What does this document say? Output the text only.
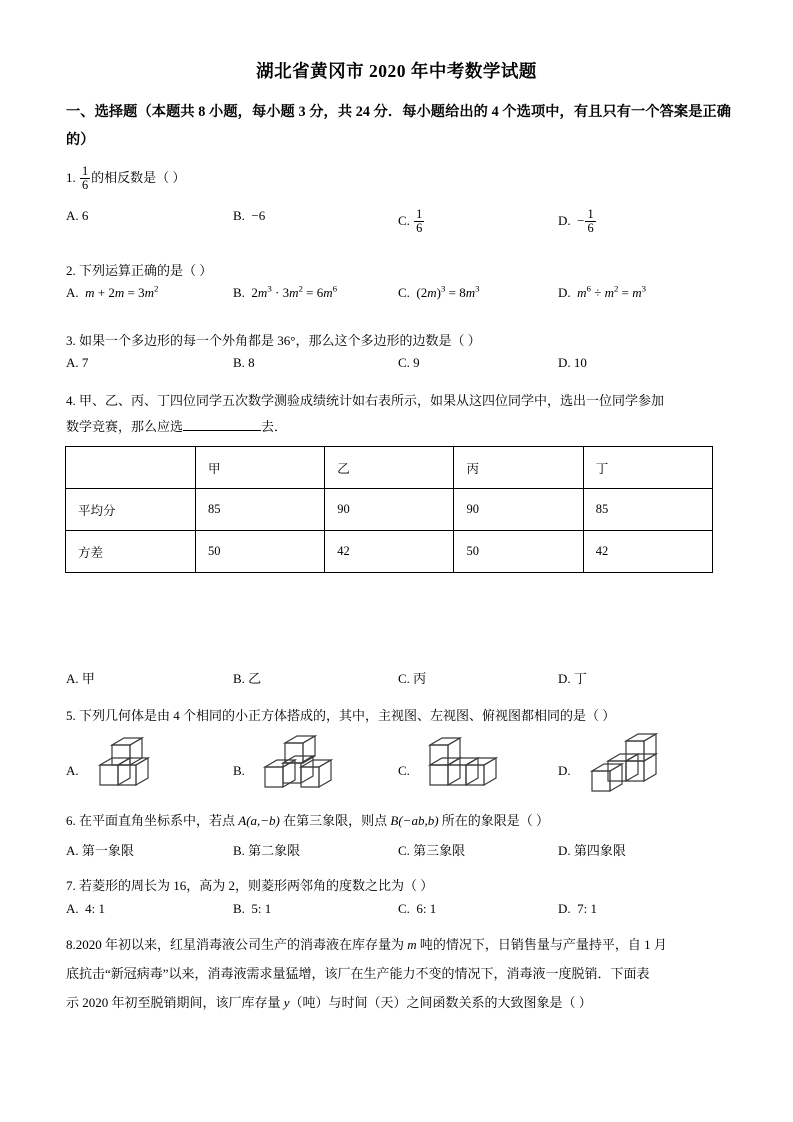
湖北省黄冈市 2020 年中考数学试题
一、选择题（本题共 8 小题，每小题 3 分，共 24 分．每小题给出的 4 个选项中，有且只有一个答案是正确的）
1. $\frac{1}{6}$ 的相反数是（ ）
A. 6	B. −6	C. $\frac{1}{6}$	D.  − $\frac{1}{6}$
2. 下列运算正确的是（ ）
A. $m + 2m = 3m^2$	B.  $2m^3 \cdot 3m^2 = 6m^6$	C.  $(2m)^3 = 8m^3$	D. $m^6 \div m^2 = m^3$
3. 如果一个多边形的每一个外角都是 36°，那么这个多边形的边数是（ ）
A. 7	B. 8	C. 9	D. 10
4. 甲、乙、丙、丁四位同学五次数学测验成绩统计如右表所示，如果从这四位同学中，选出一位同学参加
数学竞赛，那么应选	去．
	甲	乙	丙	丁
平均分	85	90	90	85
方差	50	42	50	42
A. 甲	B. 乙	C. 丙	D. 丁
5. 下列几何体是由 4 个相同的小正方体搭成的，其中，主视图、左视图、俯视图都相同的是（ ）
A.	B.	C.	D.
6. 在平面直角坐标系中，若点 A(a,−b) 在第三象限，则点 B(−ab,b) 所在的象限是（ ）
A. 第一象限	B. 第二象限	C. 第三象限	D. 第四象限
7. 若菱形的周长为 16，高为 2，则菱形两邻角的度数之比为（ ）
A. 4: 1	B. 5: 1	C. 6: 1	D. 7: 1
8.2020 年初以来，红星消毒液公司生产的消毒液在库存量为 m 吨的情况下，日销售量与产量持平，自 1 月
底抗击“新冠病毒”以来，消毒液需求量猛增，该厂在生产能力不变的情况下，消毒液一度脱销．下面表
示 2020 年初至脱销期间，该厂库存量 y（吨）与时间（天）之间函数关系的大致图象是（ ）
